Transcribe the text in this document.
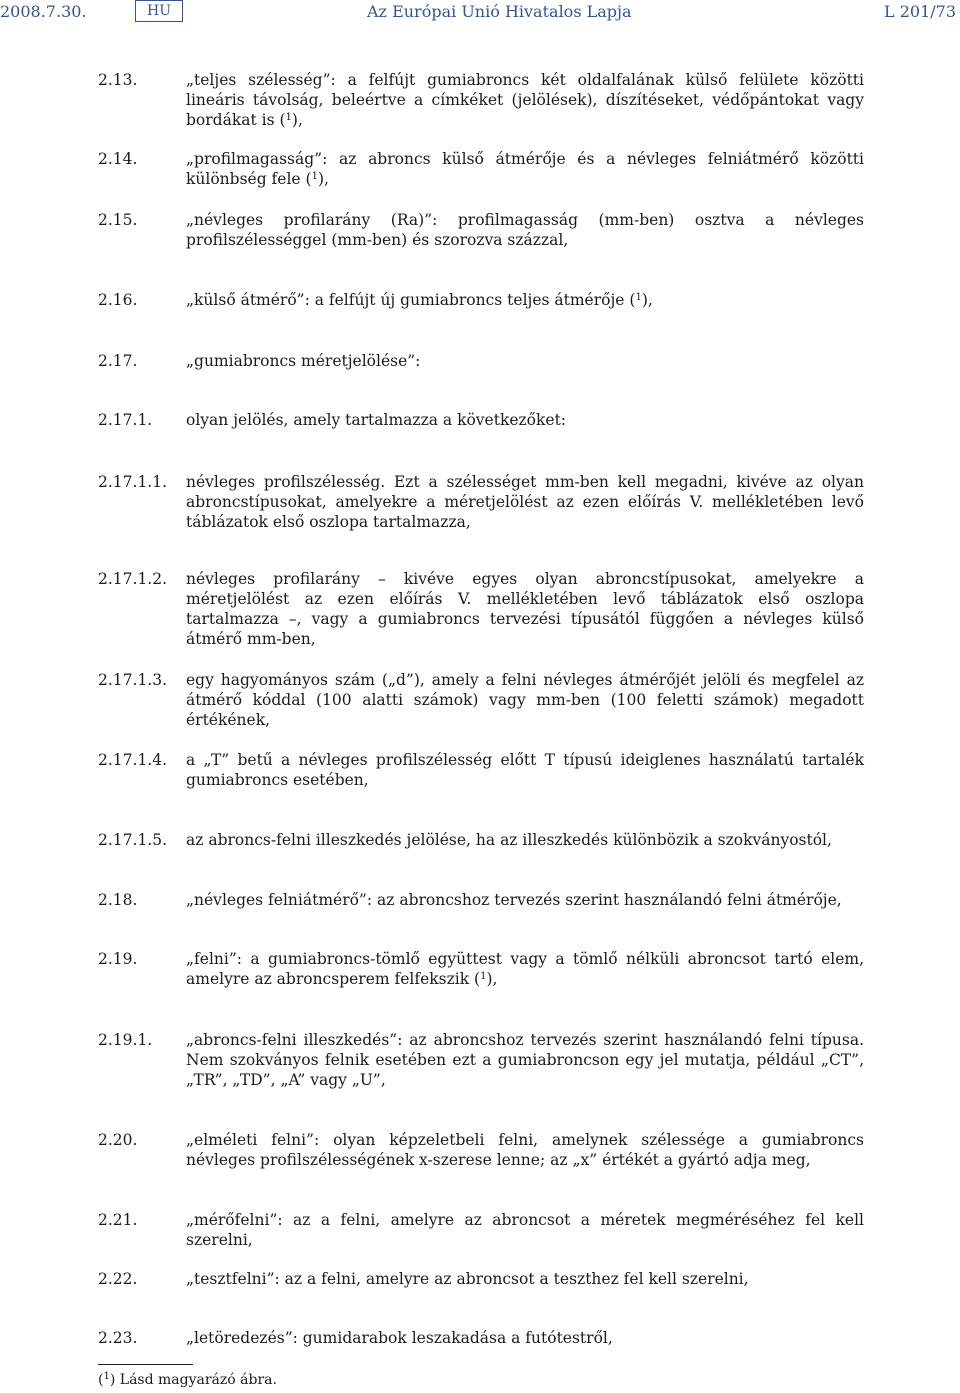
2008.7.30.	HU	Az Európai Unió Hivatalos Lapja	L 201/73
2.13.	„teljes szélesség”: a felfújt gumiabroncs két oldalfalának külső felülete közötti lineáris távolság, beleértve a címkéket (jelölések), díszítéseket, védőpántokat vagy bordákat is ($^1$),
2.14.	„profilmagasság”: az abroncs külső átmérője és a névleges felniátmérő közötti különbség fele ($^1$),
2.15.	„névleges profilarány (Ra)”: profilmagasság (mm-ben) osztva a névleges profilszélességgel (mm-ben) és szorozva százzal,
2.16.	„külső átmérő”: a felfújt új gumiabroncs teljes átmérője ($^1$),
2.17.	„gumiabroncs méretjelölése”:
2.17.1. olyan jelölés, amely tartalmazza a következőket:
2.17.1.1. névleges profilszélesség. Ezt a szélességet mm-ben kell megadni, kivéve az olyan abroncstípusokat, amelyekre a méretjelölést az ezen előírás V. mellékletében levő táblázatok első oszlopa tartalmazza,
2.17.1.2. névleges profilarány – kivéve egyes olyan abroncstípusokat, amelyekre a méretjelölést az ezen előírás V. mellékletében levő táblázatok első oszlopa tartalmazza –, vagy a gumiabroncs tervezési típusától függően a névleges külső átmérő mm-ben,
2.17.1.3. egy hagyományos szám („d”), amely a felni névleges átmérőjét jelöli és megfelel az átmérő kóddal (100 alatti számok) vagy mm-ben (100 feletti számok) megadott értékének,
2.17.1.4. a „T” betű a névleges profilszélesség előtt T típusú ideiglenes használatú tartalék gumiabroncs esetében,
2.17.1.5. az abroncs-felni illeszkedés jelölése, ha az illeszkedés különbözik a szokványostól,
2.18.	„névleges felniátmérő”: az abroncshoz tervezés szerint használandó felni átmérője,
2.19.	„felni”: a gumiabroncs-tömlő együttest vagy a tömlő nélküli abroncsot tartó elem, amelyre az abroncsperem felfekszik ($^1$),
2.19.1. „abroncs-felni illeszkedés”: az abroncshoz tervezés szerint használandó felni típusa. Nem szokványos felnik esetében ezt a gumiabroncson egy jel mutatja, például „CT”, „TR”, „TD”, „A” vagy „U”,
2.20.	„elméleti felni”: olyan képzeletbeli felni, amelynek szélessége a gumiabroncs névleges profilszélességének x-szerese lenne; az „x” értékét a gyártó adja meg,
2.21.	„mérőfelni”: az a felni, amelyre az abroncsot a méretek megméréséhez fel kell szerelni,
2.22.	„tesztfelni”: az a felni, amelyre az abroncsot a teszthez fel kell szerelni,
2.23.	„letöredezés”: gumidarabok leszakadása a futótestről,
($^1$) Lásd magyarázó ábra.
